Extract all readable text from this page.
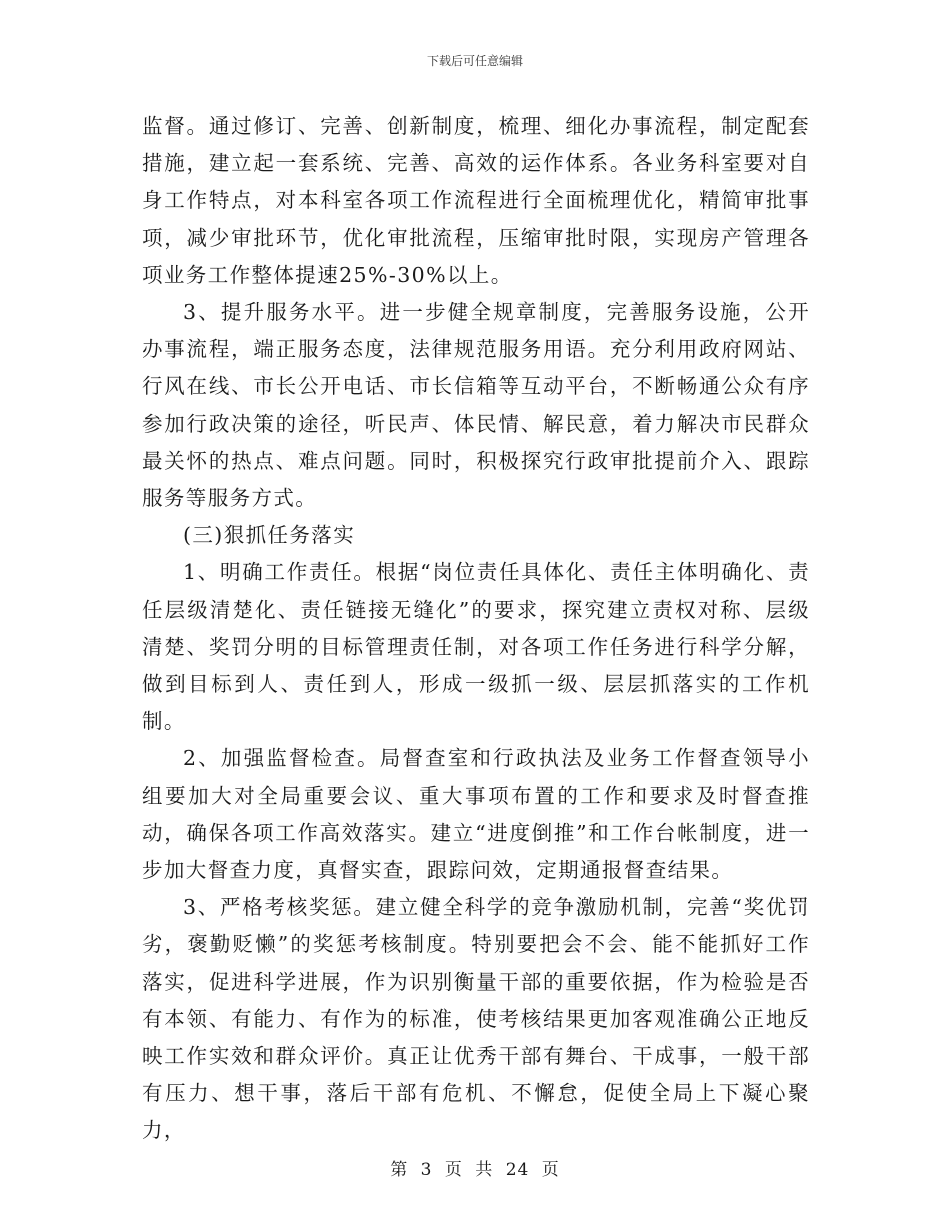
下载后可任意编辑

监督。通过修订、完善、创新制度，梳理、细化办事流程，制定配套措施，建立起一套系统、完善、高效的运作体系。各业务科室要对自身工作特点，对本科室各项工作流程进行全面梳理优化，精简审批事项，减少审批环节，优化审批流程，压缩审批时限，实现房产管理各项业务工作整体提速25%-30%以上。

3、提升服务水平。进一步健全规章制度，完善服务设施，公开办事流程，端正服务态度，法律规范服务用语。充分利用政府网站、行风在线、市长公开电话、市长信箱等互动平台，不断畅通公众有序参加行政决策的途径，听民声、体民情、解民意，着力解决市民群众最关怀的热点、难点问题。同时，积极探究行政审批提前介入、跟踪服务等服务方式。

(三)狠抓任务落实

1、明确工作责任。根据“岗位责任具体化、责任主体明确化、责任层级清楚化、责任链接无缝化”的要求，探究建立责权对称、层级清楚、奖罚分明的目标管理责任制，对各项工作任务进行科学分解，做到目标到人、责任到人，形成一级抓一级、层层抓落实的工作机制。

2、加强监督检查。局督查室和行政执法及业务工作督查领导小组要加大对全局重要会议、重大事项布置的工作和要求及时督查推动，确保各项工作高效落实。建立“进度倒推”和工作台帐制度，进一步加大督查力度，真督实查，跟踪问效，定期通报督查结果。

3、严格考核奖惩。建立健全科学的竞争激励机制，完善“奖优罚劣，褒勤贬懒”的奖惩考核制度。特别要把会不会、能不能抓好工作落实，促进科学进展，作为识别衡量干部的重要依据，作为检验是否有本领、有能力、有作为的标准，使考核结果更加客观准确公正地反映工作实效和群众评价。真正让优秀干部有舞台、干成事，一般干部有压力、想干事，落后干部有危机、不懈怠，促使全局上下凝心聚力，

第 3 页 共 24 页
